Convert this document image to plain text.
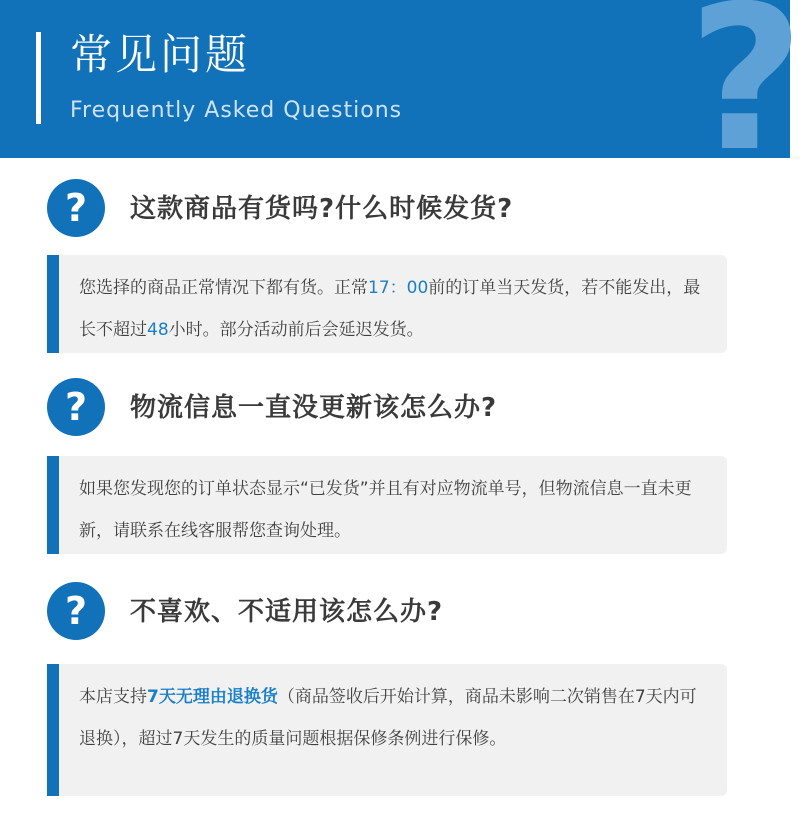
?
常见问题
Frequently Asked Questions
?	这款商品有货吗?什么时候发货?
您选择的商品正常情况下都有货。正常17：00前的订单当天发货，若不能发出，最长不超过48小时。部分活动前后会延迟发货。
?	物流信息一直没更新该怎么办?
如果您发现您的订单状态显示“已发货”并且有对应物流单号，但物流信息一直未更新，请联系在线客服帮您查询处理。
?	不喜欢、不适用该怎么办?
本店支持7天无理由退换货（商品签收后开始计算，商品未影响二次销售在7天内可退换），超过7天发生的质量问题根据保修条例进行保修。
